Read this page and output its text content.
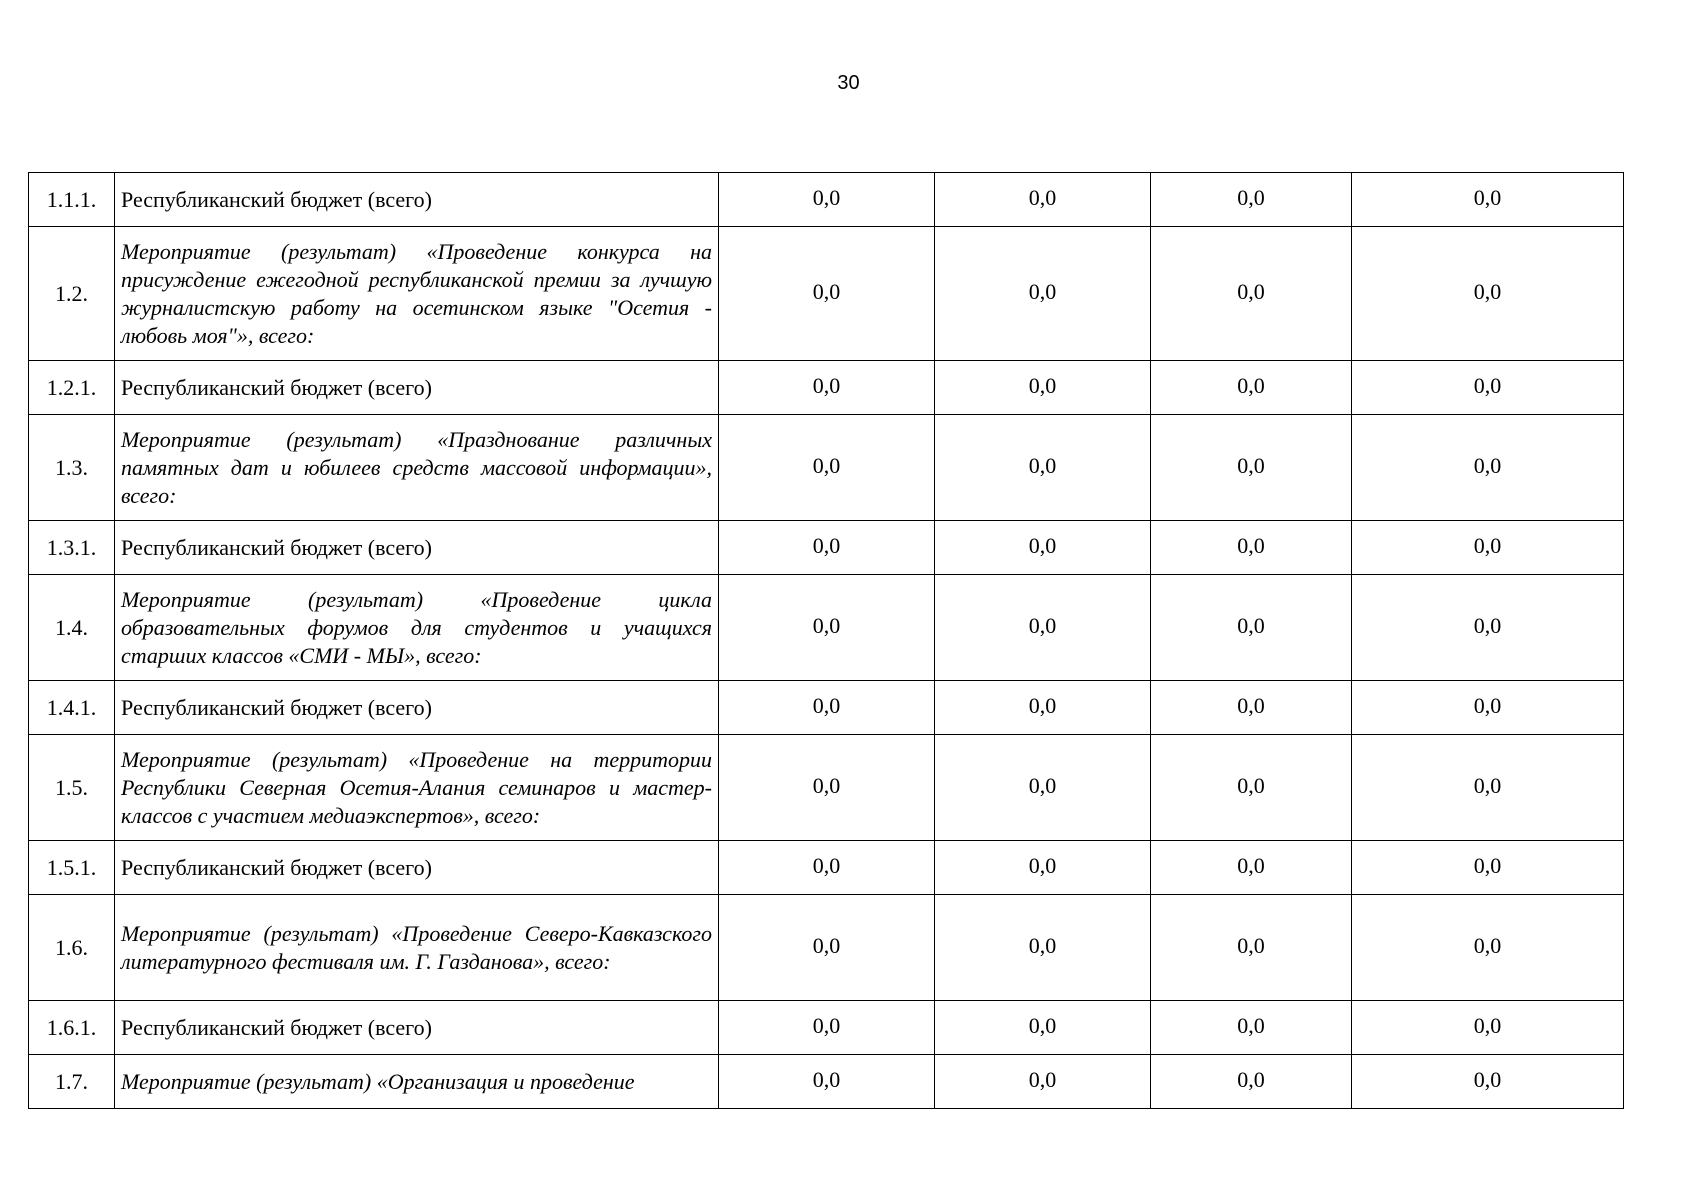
30
1.1.1.	Республиканский бюджет (всего)	0,0	0,0	0,0	0,0
1.2.	Мероприятие (результат) «Проведение конкурса на присуждение ежегодной республиканской премии за лучшую журналистскую работу на осетинском языке "Осетия - любовь моя"», всего:	0,0	0,0	0,0	0,0
1.2.1.	Республиканский бюджет (всего)	0,0	0,0	0,0	0,0
1.3.	Мероприятие (результат) «Празднование различных памятных дат и юбилеев средств массовой информации», всего:	0,0	0,0	0,0	0,0
1.3.1.	Республиканский бюджет (всего)	0,0	0,0	0,0	0,0
1.4.	Мероприятие (результат) «Проведение цикла образовательных форумов для студентов и учащихся старших классов «СМИ - МЫ», всего:	0,0	0,0	0,0	0,0
1.4.1.	Республиканский бюджет (всего)	0,0	0,0	0,0	0,0
1.5.	Мероприятие (результат) «Проведение на территории Республики Северная Осетия-Алания семинаров и мастер-классов с участием медиаэкспертов», всего:	0,0	0,0	0,0	0,0
1.5.1.	Республиканский бюджет (всего)	0,0	0,0	0,0	0,0
1.6.	Мероприятие (результат) «Проведение Северо-Кавказского литературного фестиваля им. Г. Газданова», всего:	0,0	0,0	0,0	0,0
1.6.1.	Республиканский бюджет (всего)	0,0	0,0	0,0	0,0
1.7.	Мероприятие (результат) «Организация и проведение	0,0	0,0	0,0	0,0
